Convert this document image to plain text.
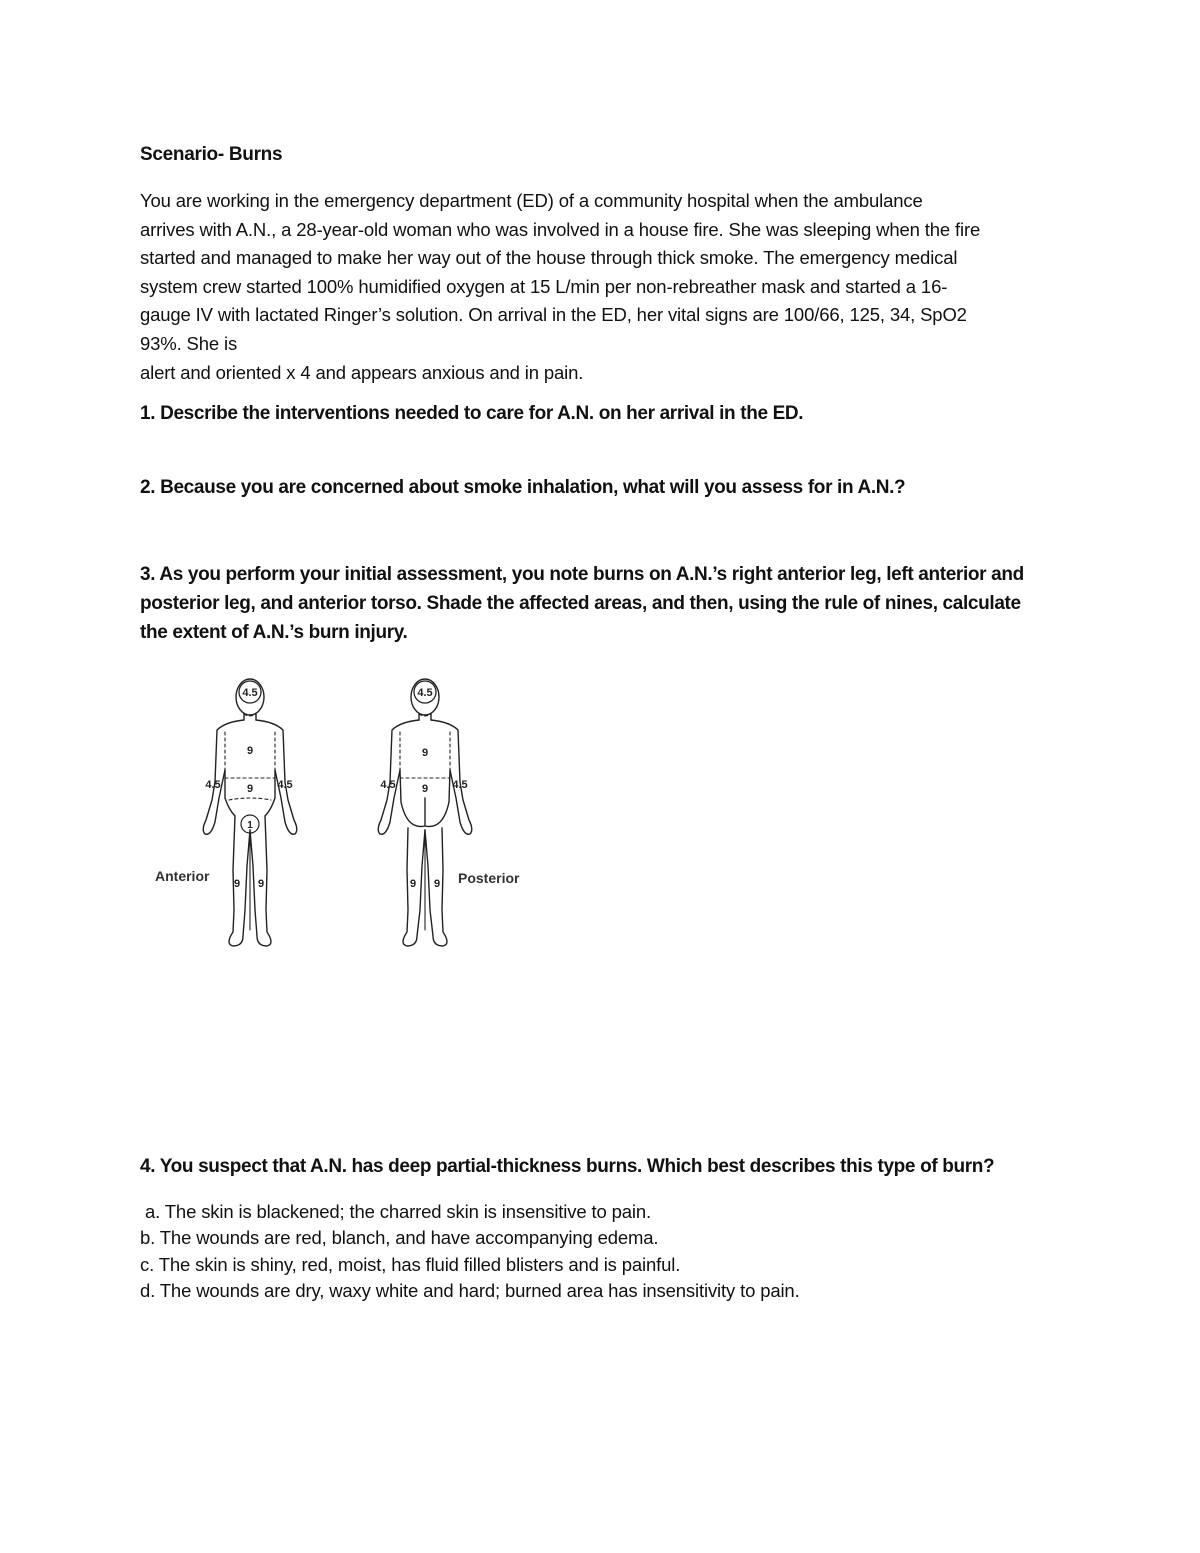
Scenario- Burns
You are working in the emergency department (ED) of a community hospital when the ambulance
arrives with A.N., a 28-year-old woman who was involved in a house fire. She was sleeping when the fire
started and managed to make her way out of the house through thick smoke. The emergency medical
system crew started 100% humidified oxygen at 15 L/min per non-rebreather mask and started a 16-
gauge IV with lactated Ringer’s solution. On arrival in the ED, her vital signs are 100/66, 125, 34, SpO2
93%. She is
alert and oriented x 4 and appears anxious and in pain.
1. Describe the interventions needed to care for A.N. on her arrival in the ED.
2. Because you are concerned about smoke inhalation, what will you assess for in A.N.?
3. As you perform your initial assessment, you note burns on A.N.’s right anterior leg, left anterior and
posterior leg, and anterior torso. Shade the affected areas, and then, using the rule of nines, calculate
the extent of A.N.’s burn injury.
4.5
9
9
4.5	4.5
1
9 9
Anterior
4.5
9
9
4.5	4.5
9 9 Posterior
4. You suspect that A.N. has deep partial-thickness burns. Which best describes this type of burn?
a. The skin is blackened; the charred skin is insensitive to pain.
b. The wounds are red, blanch, and have accompanying edema.
c. The skin is shiny, red, moist, has fluid filled blisters and is painful.
d. The wounds are dry, waxy white and hard; burned area has insensitivity to pain.
